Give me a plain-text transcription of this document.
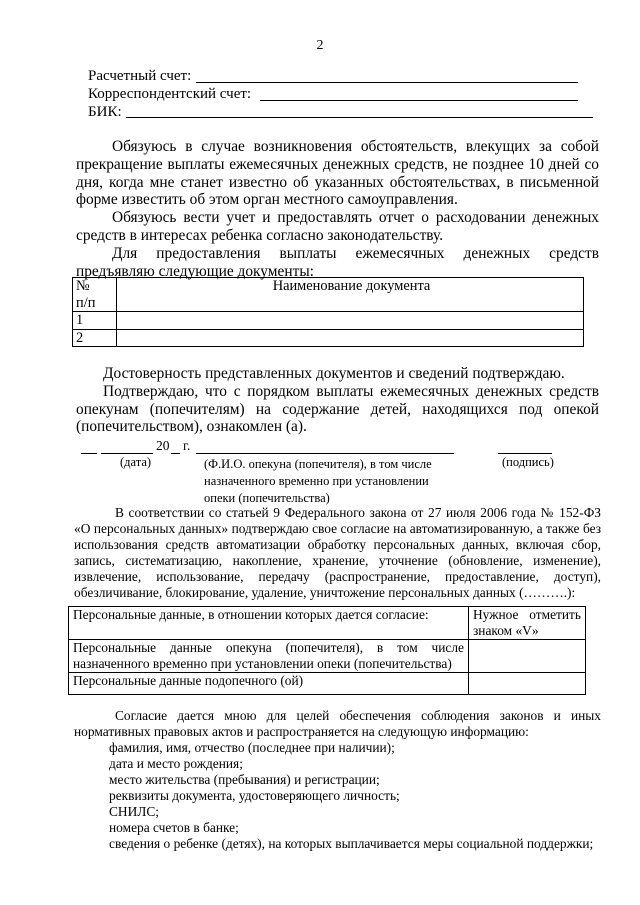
2
Расчетный счет:
Корреспондентский счет:
БИК:

Обязуюсь в случае возникновения обстоятельств, влекущих за собой прекращение выплаты ежемесячных денежных средств, не позднее 10 дней со дня, когда мне станет известно об указанных обстоятельствах, в письменной форме известить об этом орган местного самоуправления.

Обязуюсь вести учет и предоставлять отчет о расходовании денежных средств в интересах ребенка согласно законодательству.

Для предоставления выплаты ежемесячных денежных средств

предъявляю следующие документы:

№
п/п	Наименование документа
1	
2	

Достоверность представленных документов и сведений подтверждаю.

Подтверждаю, что с порядком выплаты ежемесячных денежных средств опекунам (попечителям) на содержание детей, находящихся под опекой (попечительством), ознакомлен (а).

20 г.
(дата)	(Ф.И.О. опекуна (попечителя), в том числе
назначенного временно при установлении
опеки (попечительства)
(подпись)

В соответствии со статьей 9 Федерального закона от 27 июля 2006 года № 152-ФЗ «О персональных данных» подтверждаю свое согласие на автоматизированную, а также без использования средств автоматизации обработку персональных данных, включая сбор, запись, систематизацию, накопление, хранение, уточнение (обновление, изменение), извлечение, использование, передачу (распространение, предоставление, доступ), обезличивание, блокирование, удаление, уничтожение персональных данных (……….):

Персональные данные, в отношении которых дается согласие:	Нужное отметить знаком «V»
Персональные данные опекуна (попечителя), в том числе назначенного временно при установлении опеки (попечительства)	
Персональные данные подопечного (ой)	

Согласие дается мною для целей обеспечения соблюдения законов и иных нормативных правовых актов и распространяется на следующую информацию:

фамилия, имя, отчество (последнее при наличии);
дата и место рождения;
место жительства (пребывания) и регистрации;
реквизиты документа, удостоверяющего личность;
СНИЛС;
номера счетов в банке;
сведения о ребенке (детях), на которых выплачивается меры социальной поддержки;
